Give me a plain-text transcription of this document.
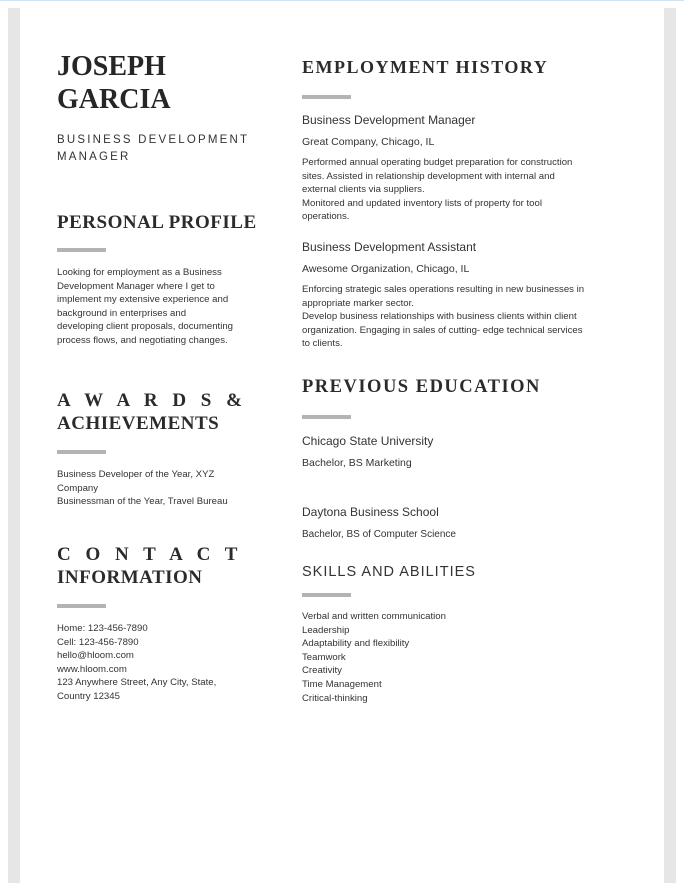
JOSEPH
GARCIA
BUSINESS DEVELOPMENT
MANAGER
PERSONAL PROFILE
Looking for employment as a Business
Development Manager where I get to
implement my extensive experience and
background in enterprises and
developing client proposals, documenting
process flows, and negotiating changes.
A W A R D S &
ACHIEVEMENTS
Business Developer of the Year, XYZ
Company
Businessman of the Year, Travel Bureau
C O N T A C T
INFORMATION
Home: 123-456-7890
Cell: 123-456-7890
hello@hloom.com
www.hloom.com
123 Anywhere Street, Any City, State,
Country 12345
EMPLOYMENT HISTORY
Business Development Manager
Great Company, Chicago, IL
Performed annual operating budget preparation for construction
sites. Assisted in relationship development with internal and
external clients via suppliers.
Monitored and updated inventory lists of property for tool
operations.
Business Development Assistant
Awesome Organization, Chicago, IL
Enforcing strategic sales operations resulting in new businesses in
appropriate marker sector.
Develop business relationships with business clients within client
organization. Engaging in sales of cutting- edge technical services
to clients.
PREVIOUS EDUCATION
Chicago State University
Bachelor, BS Marketing
Daytona Business School
Bachelor, BS of Computer Science
SKILLS AND ABILITIES
Verbal and written communication
Leadership
Adaptability and flexibility
Teamwork
Creativity
Time Management
Critical-thinking
